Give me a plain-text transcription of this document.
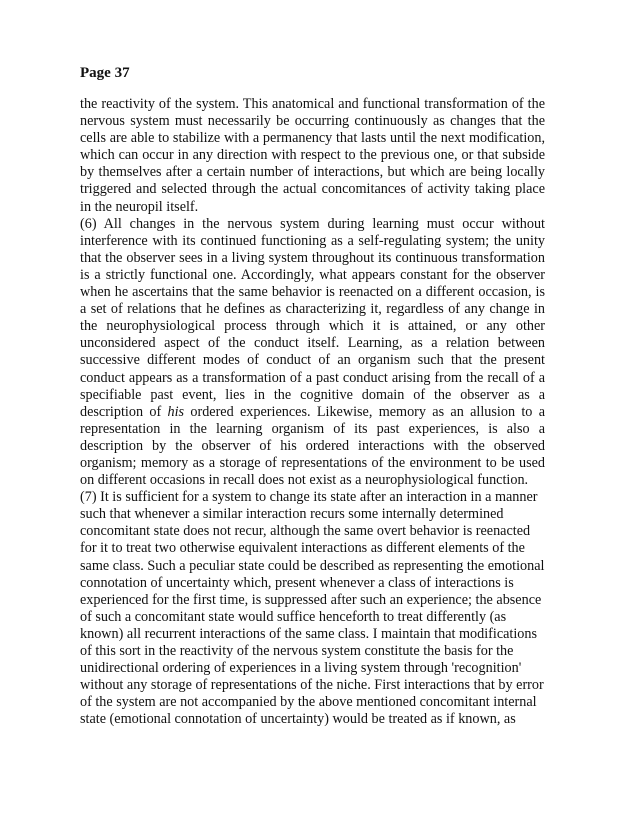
Page 37

the reactivity of the system. This anatomical and functional transformation of the nervous system must necessarily be occurring continuously as changes that the cells are able to stabilize with a permanency that lasts until the next modification, which can occur in any direction with respect to the previous one, or that subside by themselves after a certain number of interactions, but which are being locally triggered and selected through the actual concomitances of activity taking place in the neuropil itself.

(6) All changes in the nervous system during learning must occur without interference with its continued functioning as a self-regulating system; the unity that the observer sees in a living system throughout its continuous transformation is a strictly functional one. Accordingly, what appears constant for the observer when he ascertains that the same behavior is reenacted on a different occasion, is a set of relations that he defines as characterizing it, regardless of any change in the neurophysiological process through which it is attained, or any other unconsidered aspect of the conduct itself. Learning, as a relation between successive different modes of conduct of an organism such that the present conduct appears as a transformation of a past conduct arising from the recall of a specifiable past event, lies in the cognitive domain of the observer as a description of his ordered experiences. Likewise, memory as an allusion to a representation in the learning organism of its past experiences, is also a description by the observer of his ordered interactions with the observed organism; memory as a storage of representations of the environment to be used on different occasions in recall does not exist as a neurophysiological function.

(7) It is sufficient for a system to change its state after an interaction in a manner such that whenever a similar interaction recurs some internally determined concomitant state does not recur, although the same overt behavior is reenacted for it to treat two otherwise equivalent interactions as different elements of the same class. Such a peculiar state could be described as representing the emotional connotation of uncertainty which, present whenever a class of interactions is experienced for the first time, is suppressed after such an experience; the absence of such a concomitant state would suffice henceforth to treat differently (as known) all recurrent interactions of the same class. I maintain that modifications of this sort in the reactivity of the nervous system constitute the basis for the unidirectional ordering of experiences in a living system through 'recognition' without any storage of representations of the niche. First interactions that by error of the system are not accompanied by the above mentioned concomitant internal state (emotional connotation of uncertainty) would be treated as if known, as
